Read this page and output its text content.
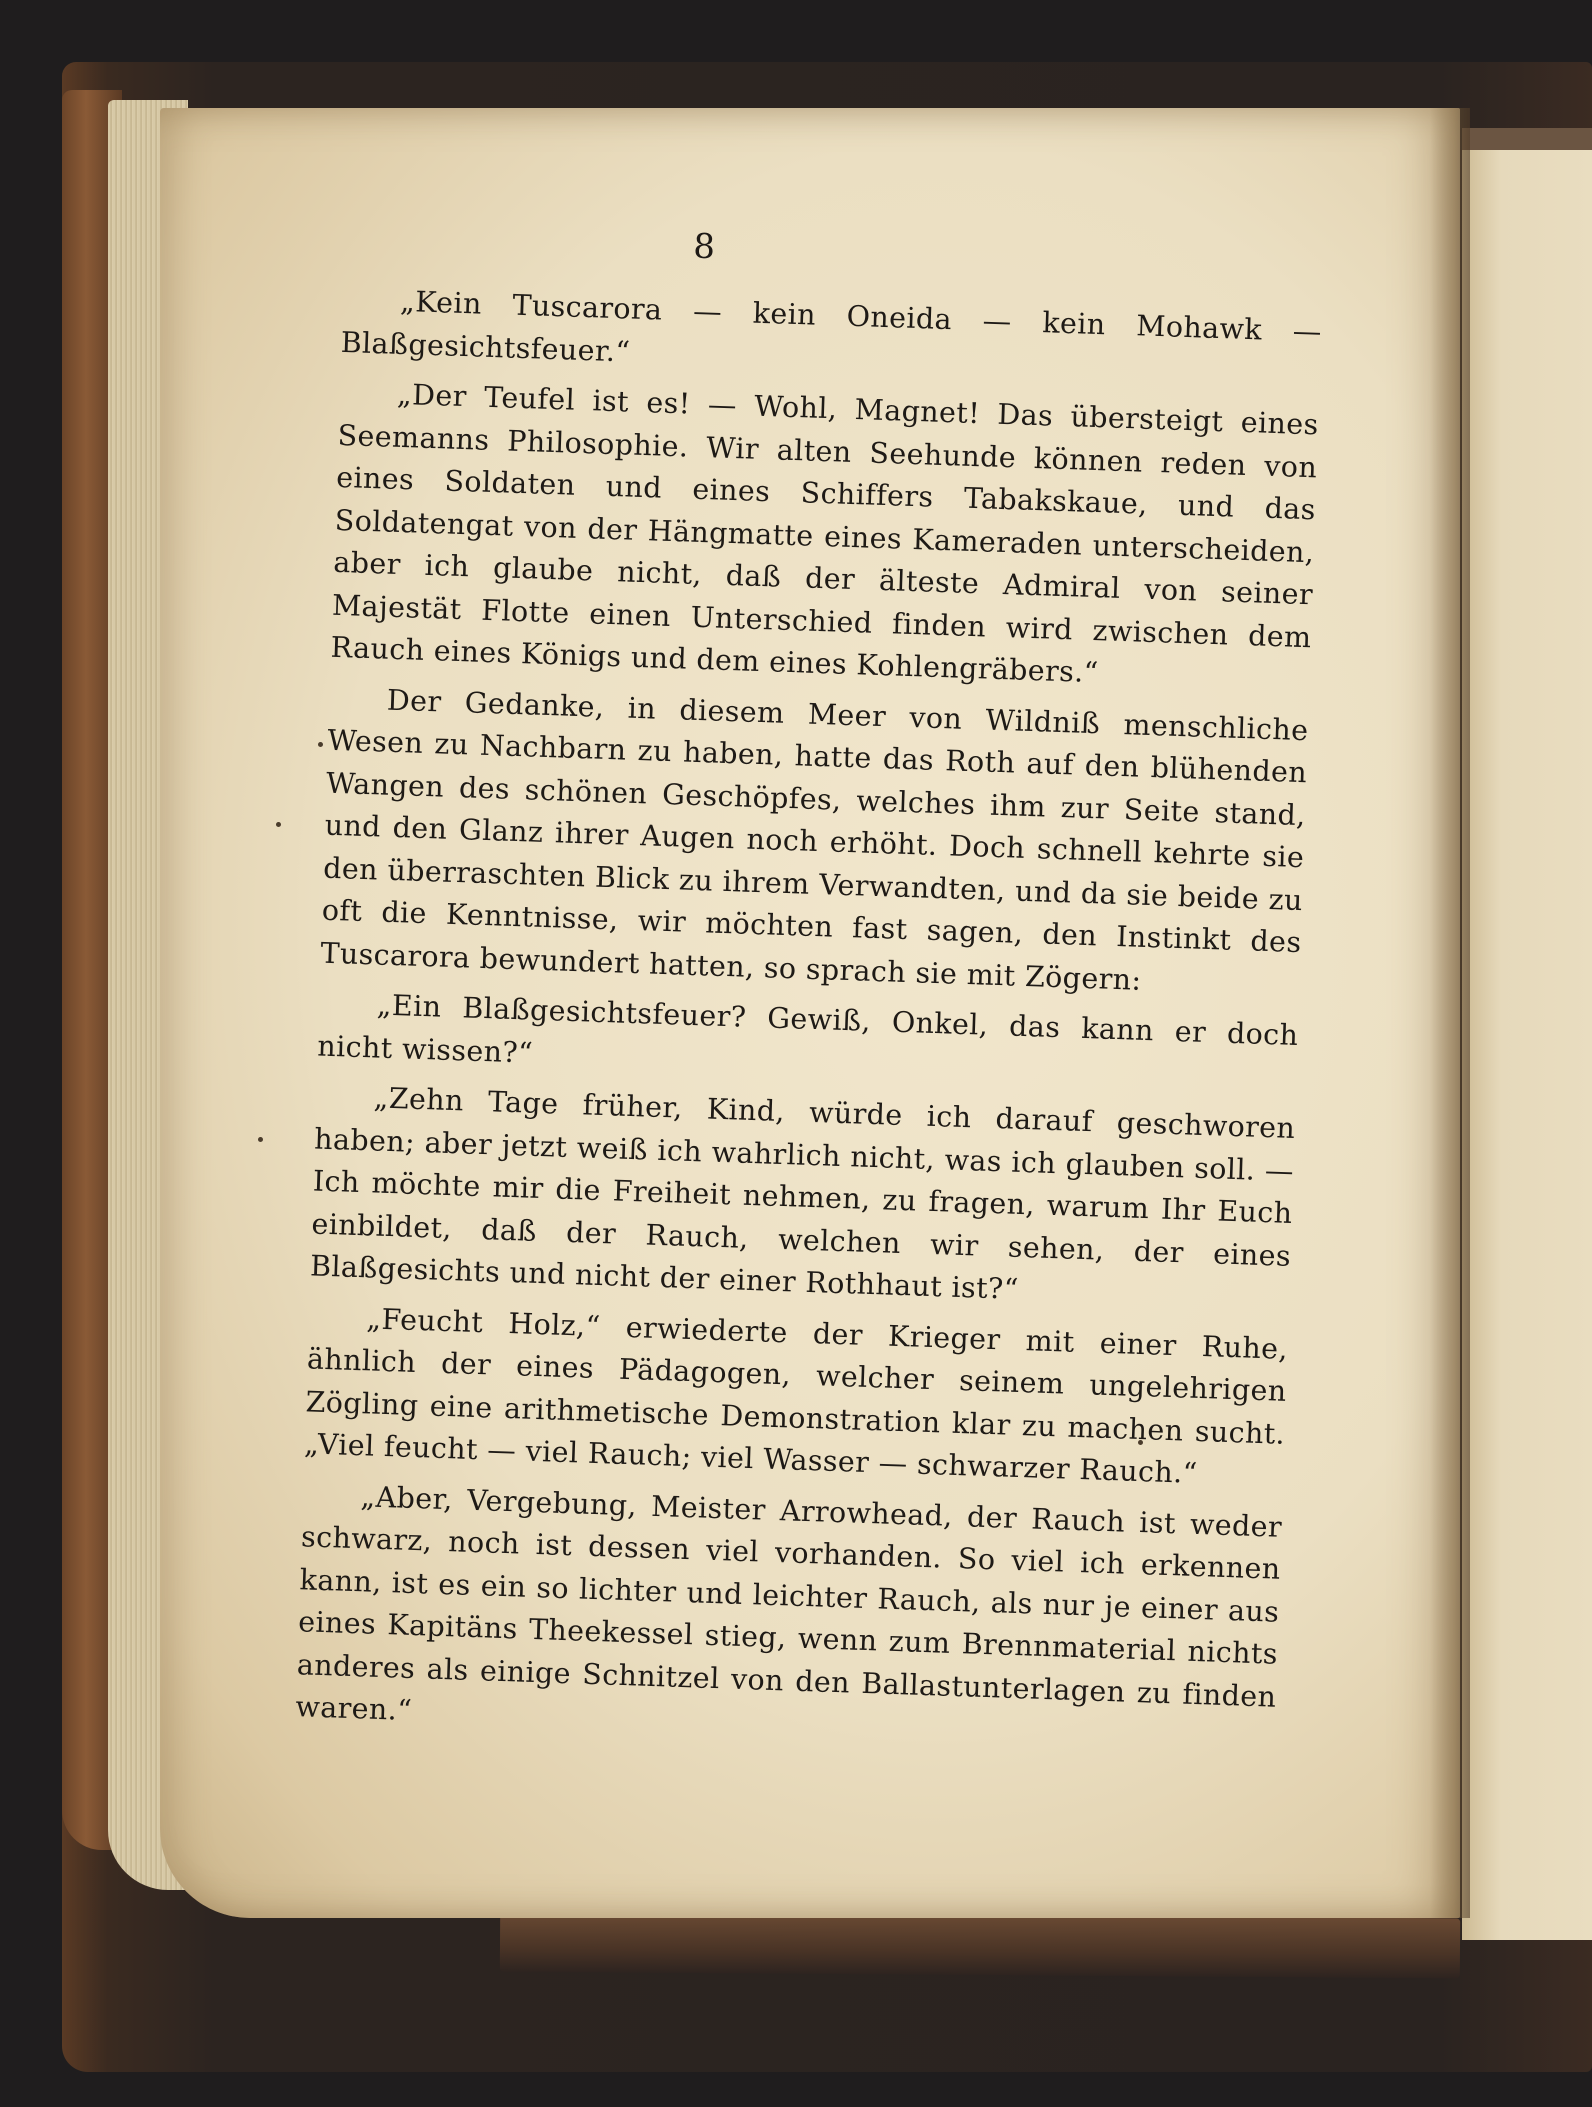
8

„Kein Tuscarora — kein Oneida — kein Mohawk — Blaßgesichtsfeuer.“

„Der Teufel ist es! — Wohl, Magnet! Das übersteigt eines Seemanns Philosophie. Wir alten Seehunde können reden von eines Soldaten und eines Schiffers Tabakskaue, und das Soldatengat von der Hängmatte eines Kameraden unterscheiden, aber ich glaube nicht, daß der älteste Admiral von seiner Majestät Flotte einen Unterschied finden wird zwischen dem Rauch eines Königs und dem eines Kohlengräbers.“

Der Gedanke, in diesem Meer von Wildniß menschliche Wesen zu Nachbarn zu haben, hatte das Roth auf den blühenden Wangen des schönen Geschöpfes, welches ihm zur Seite stand, und den Glanz ihrer Augen noch erhöht. Doch schnell kehrte sie den überraschten Blick zu ihrem Verwandten, und da sie beide zu oft die Kenntnisse, wir möchten fast sagen, den Instinkt des Tuscarora bewundert hatten, so sprach sie mit Zögern:

„Ein Blaßgesichtsfeuer? Gewiß, Onkel, das kann er doch nicht wissen?“

„Zehn Tage früher, Kind, würde ich darauf geschworen haben; aber jetzt weiß ich wahrlich nicht, was ich glauben soll. — Ich möchte mir die Freiheit nehmen, zu fragen, warum Ihr Euch einbildet, daß der Rauch, welchen wir sehen, der eines Blaßgesichts und nicht der einer Rothhaut ist?“

„Feucht Holz,“ erwiederte der Krieger mit einer Ruhe, ähnlich der eines Pädagogen, welcher seinem ungelehrigen Zögling eine arithmetische Demonstration klar zu machen sucht. „Viel feucht — viel Rauch; viel Wasser — schwarzer Rauch.“

„Aber, Vergebung, Meister Arrowhead, der Rauch ist weder schwarz, noch ist dessen viel vorhanden. So viel ich erkennen kann, ist es ein so lichter und leichter Rauch, als nur je einer aus eines Kapitäns Theekessel stieg, wenn zum Brennmaterial nichts anderes als einige Schnitzel von den Ballastunterlagen zu finden waren.“
